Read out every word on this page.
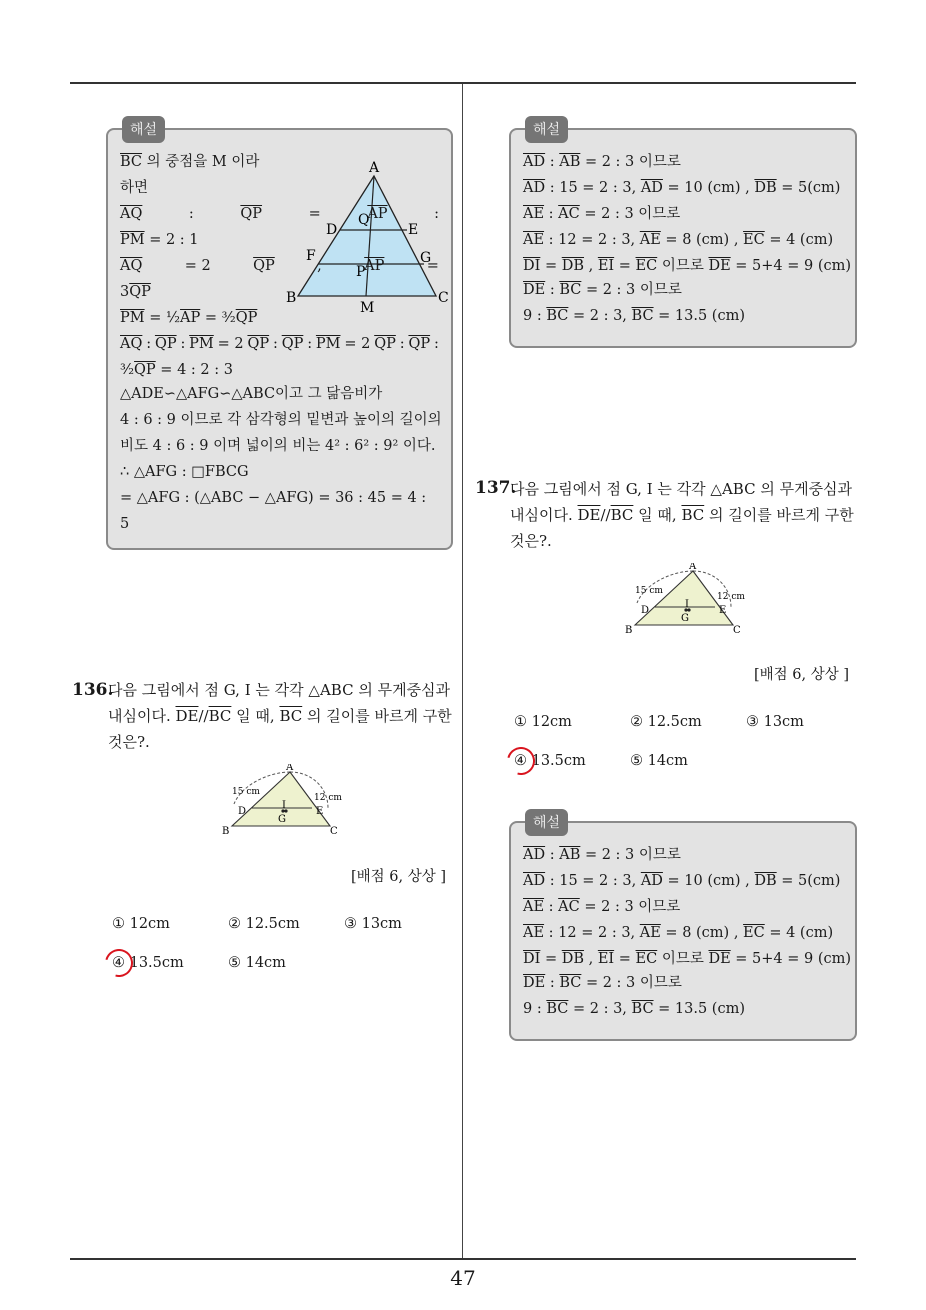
해설
A
D
Q
E
F
P
G
B
M
C
$\overline{BC}$ 의 중점을 M 이라
하면
$\overline{AQ}$	:	$\overline{QP}$	=	$\overline{AP}$	:
$\overline{PM} = 2$ : 1
$\overline{AQ}$	= 2	$\overline{QP}$	,	$\overline{AP}$	=
$3\overline{QP}$
$\overline{PM}$ = $\frac{1}{2}\overline{AP}$ = $^3⁄_2\overline{QP}$
$\overline{AQ}$ : $\overline{QP}$ : $\overline{PM} = 2$ $\overline{QP}$ : $\overline{QP}$ : $\overline{PM} = 2$ $\overline{QP}$ : $\overline{QP}$ :
$^3⁄_2\overline{QP} = 4$ : 2 : 3
△ADE∽△AFG∽△ABC이고 그 닮음비가
4 : 6 : 9 이므로 각 삼각형의 밑변과 높이의 길이의
비도 4 : 6 : 9 이며 넓이의 비는 4² : 6² : 9² 이다.
∴ △AFG : □FBCG
= △AFG : (△ABC − △AFG) = 36 : 45 = 4 :
5
해설
$\overline{AD}$ : $\overline{AB} = 2$ : 3 이므로
$\overline{AD}$ : 15 = 2 : 3, $\overline{AD} = 10$ (cm) , $\overline{DB} = 5(cm)$
$\overline{AE}$ : $\overline{AC} = 2$ : 3 이므로
$\overline{AE}$ : 12 = 2 : 3, $\overline{AE} = 8$ (cm) , $\overline{EC} = 4$ (cm)
$\overline{DI} = \overline{DB}$ , $\overline{EI} = \overline{EC}$ 이므로 $\overline{DE} = 5+4 = 9$ (cm)
$\overline{DE}$ : $\overline{BC} = 2$ : 3 이므로
9 : $\overline{BC} = 2$ : 3, $\overline{BC} = 13.5$ (cm)
136.
A
15 cm
12 cm
D
I
G
E
B	C
[배점 6, 상상 ]
① 12cm	② 12.5cm	③ 13cm
④ 13.5cm	⑤ 14cm
137.
A
15 cm
12 cm
D
I
G
E
B	C
[배점 6, 상상 ]
① 12cm	② 12.5cm	③ 13cm
④ 13.5cm	⑤ 14cm
해설
$\overline{AD}$ : $\overline{AB} = 2$ : 3 이므로
$\overline{AD}$ : 15 = 2 : 3, $\overline{AD} = 10$ (cm) , $\overline{DB} = 5(cm)$
$\overline{AE}$ : $\overline{AC} = 2$ : 3 이므로
$\overline{AE}$ : 12 = 2 : 3, $\overline{AE} = 8$ (cm) , $\overline{EC} = 4$ (cm)
$\overline{DI} = \overline{DB}$ , $\overline{EI} = \overline{EC}$ 이므로 $\overline{DE} = 5+4 = 9$ (cm)
$\overline{DE}$ : $\overline{BC} = 2$ : 3 이므로
9 : $\overline{BC} = 2$ : 3, $\overline{BC} = 13.5$ (cm)
47
다음 그림에서 점 G, I 는 각각 △ABC 의 무게중심과
내심이다. $\overline{DE}//\overline{BC}$ 일 때, $\overline{BC}$ 의 길이를 바르게 구한
것은?.
다음 그림에서 점 G, I 는 각각 △ABC 의 무게중심과
내심이다. $\overline{DE}//\overline{BC}$ 일 때, $\overline{BC}$ 의 길이를 바르게 구한
것은?.
